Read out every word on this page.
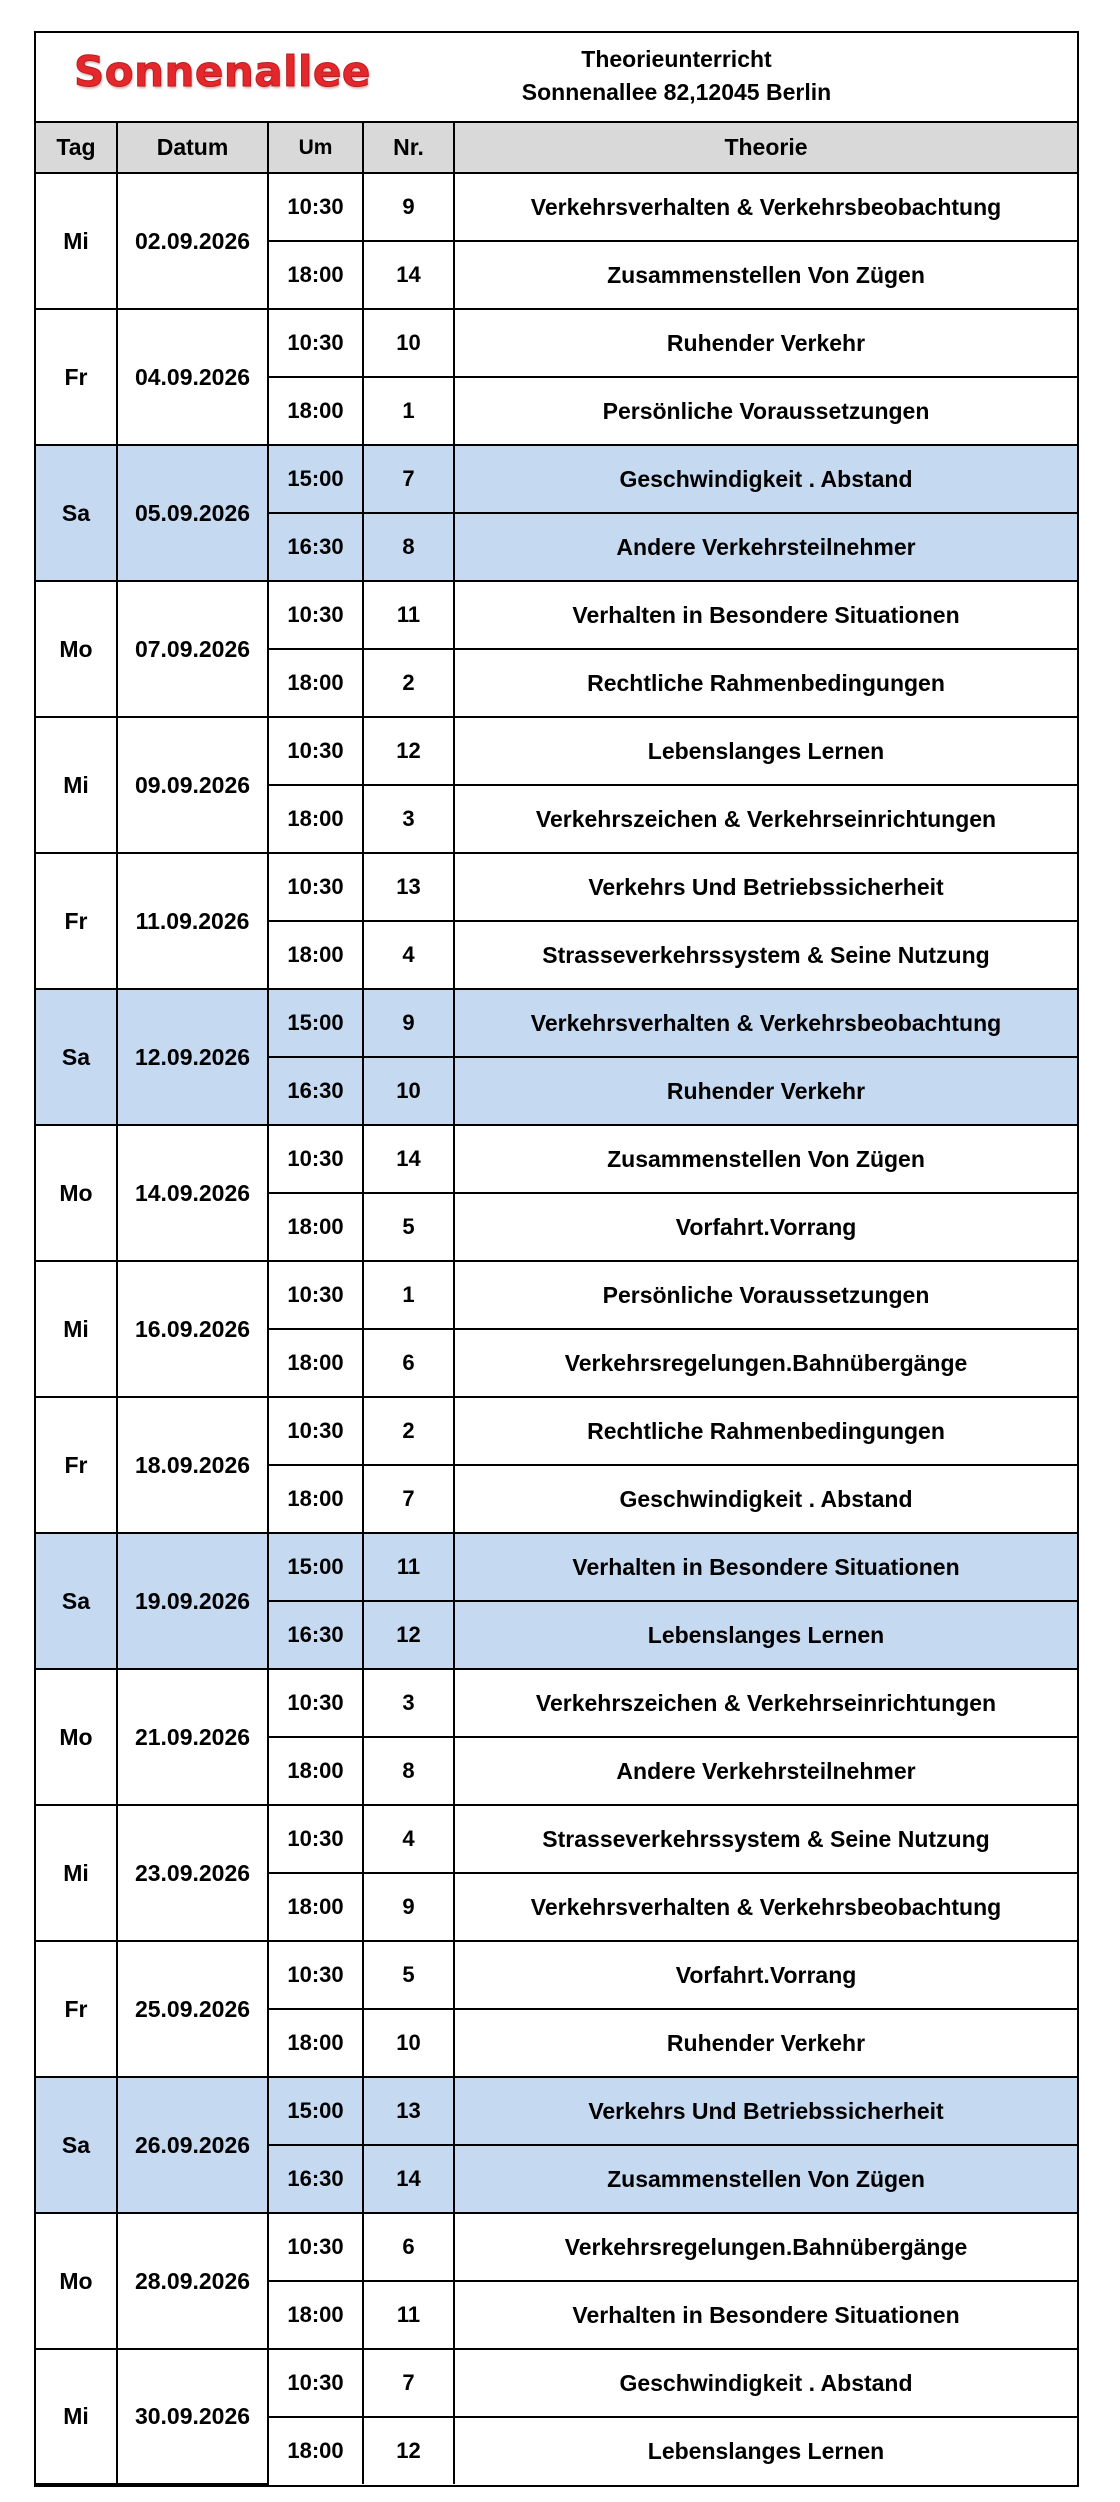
Sonnenallee	Theorieunterricht
Sonnenallee 82,12045 Berlin
Tag	Datum	Um	Nr.	Theorie
Mi	02.09.2026	10:30	9	Verkehrsverhalten & Verkehrsbeobachtung
		18:00	14	Zusammenstellen Von Zügen
Fr	04.09.2026	10:30	10	Ruhender Verkehr
		18:00	1	Persönliche Voraussetzungen
Sa	05.09.2026	15:00	7	Geschwindigkeit . Abstand
		16:30	8	Andere Verkehrsteilnehmer
Mo	07.09.2026	10:30	11	Verhalten in Besondere Situationen
		18:00	2	Rechtliche Rahmenbedingungen
Mi	09.09.2026	10:30	12	Lebenslanges Lernen
		18:00	3	Verkehrszeichen & Verkehrseinrichtungen
Fr	11.09.2026	10:30	13	Verkehrs Und Betriebssicherheit
		18:00	4	Strasseverkehrssystem & Seine Nutzung
Sa	12.09.2026	15:00	9	Verkehrsverhalten & Verkehrsbeobachtung
		16:30	10	Ruhender Verkehr
Mo	14.09.2026	10:30	14	Zusammenstellen Von Zügen
		18:00	5	Vorfahrt.Vorrang
Mi	16.09.2026	10:30	1	Persönliche Voraussetzungen
		18:00	6	Verkehrsregelungen.Bahnübergänge
Fr	18.09.2026	10:30	2	Rechtliche Rahmenbedingungen
		18:00	7	Geschwindigkeit . Abstand
Sa	19.09.2026	15:00	11	Verhalten in Besondere Situationen
		16:30	12	Lebenslanges Lernen
Mo	21.09.2026	10:30	3	Verkehrszeichen & Verkehrseinrichtungen
		18:00	8	Andere Verkehrsteilnehmer
Mi	23.09.2026	10:30	4	Strasseverkehrssystem & Seine Nutzung
		18:00	9	Verkehrsverhalten & Verkehrsbeobachtung
Fr	25.09.2026	10:30	5	Vorfahrt.Vorrang
		18:00	10	Ruhender Verkehr
Sa	26.09.2026	15:00	13	Verkehrs Und Betriebssicherheit
		16:30	14	Zusammenstellen Von Zügen
Mo	28.09.2026	10:30	6	Verkehrsregelungen.Bahnübergänge
		18:00	11	Verhalten in Besondere Situationen
Mi	30.09.2026	10:30	7	Geschwindigkeit . Abstand
		18:00	12	Lebenslanges Lernen
